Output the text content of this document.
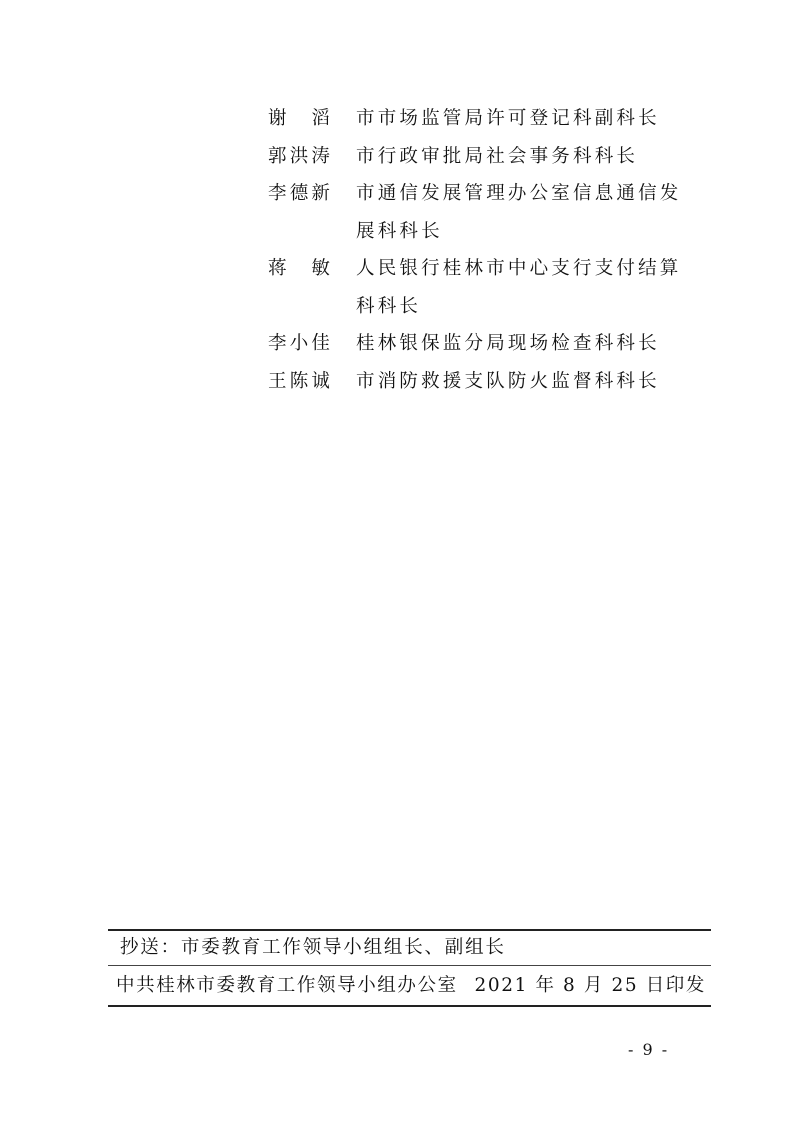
谢　滔	市市场监管局许可登记科副科长
郭洪涛	市行政审批局社会事务科科长
李德新	市通信发展管理办公室信息通信发
展科科长
蒋　敏	人民银行桂林市中心支行支付结算
科科长
李小佳	桂林银保监分局现场检查科科长
王陈诚	市消防救援支队防火监督科科长
抄送：市委教育工作领导小组组长、副组长
中共桂林市委教育工作领导小组办公室 2021 年 8 月 25 日印发
- 9 -
